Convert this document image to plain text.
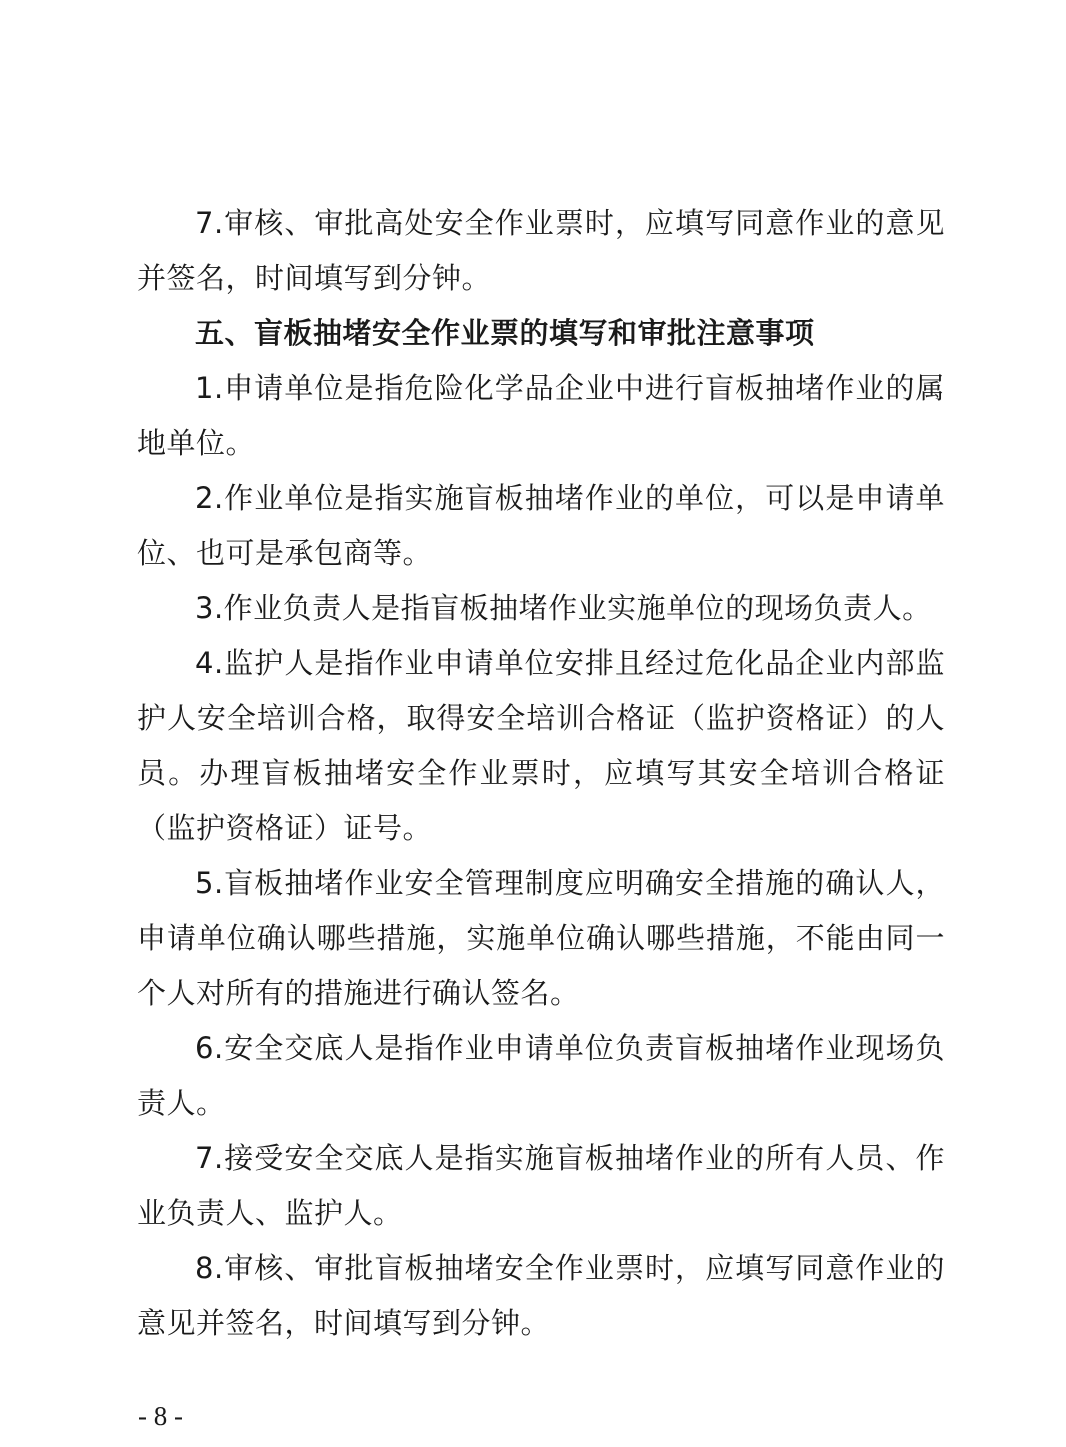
7.审核、审批高处安全作业票时，应填写同意作业的意见并签名，时间填写到分钟。

五、盲板抽堵安全作业票的填写和审批注意事项

1.申请单位是指危险化学品企业中进行盲板抽堵作业的属地单位。

2.作业单位是指实施盲板抽堵作业的单位，可以是申请单位、也可是承包商等。

3.作业负责人是指盲板抽堵作业实施单位的现场负责人。

4.监护人是指作业申请单位安排且经过危化品企业内部监护人安全培训合格，取得安全培训合格证（监护资格证）的人员。办理盲板抽堵安全作业票时，应填写其安全培训合格证（监护资格证）证号。

5.盲板抽堵作业安全管理制度应明确安全措施的确认人，申请单位确认哪些措施，实施单位确认哪些措施，不能由同一个人对所有的措施进行确认签名。

6.安全交底人是指作业申请单位负责盲板抽堵作业现场负责人。

7.接受安全交底人是指实施盲板抽堵作业的所有人员、作业负责人、监护人。

8.审核、审批盲板抽堵安全作业票时，应填写同意作业的意见并签名，时间填写到分钟。

- 8 -
